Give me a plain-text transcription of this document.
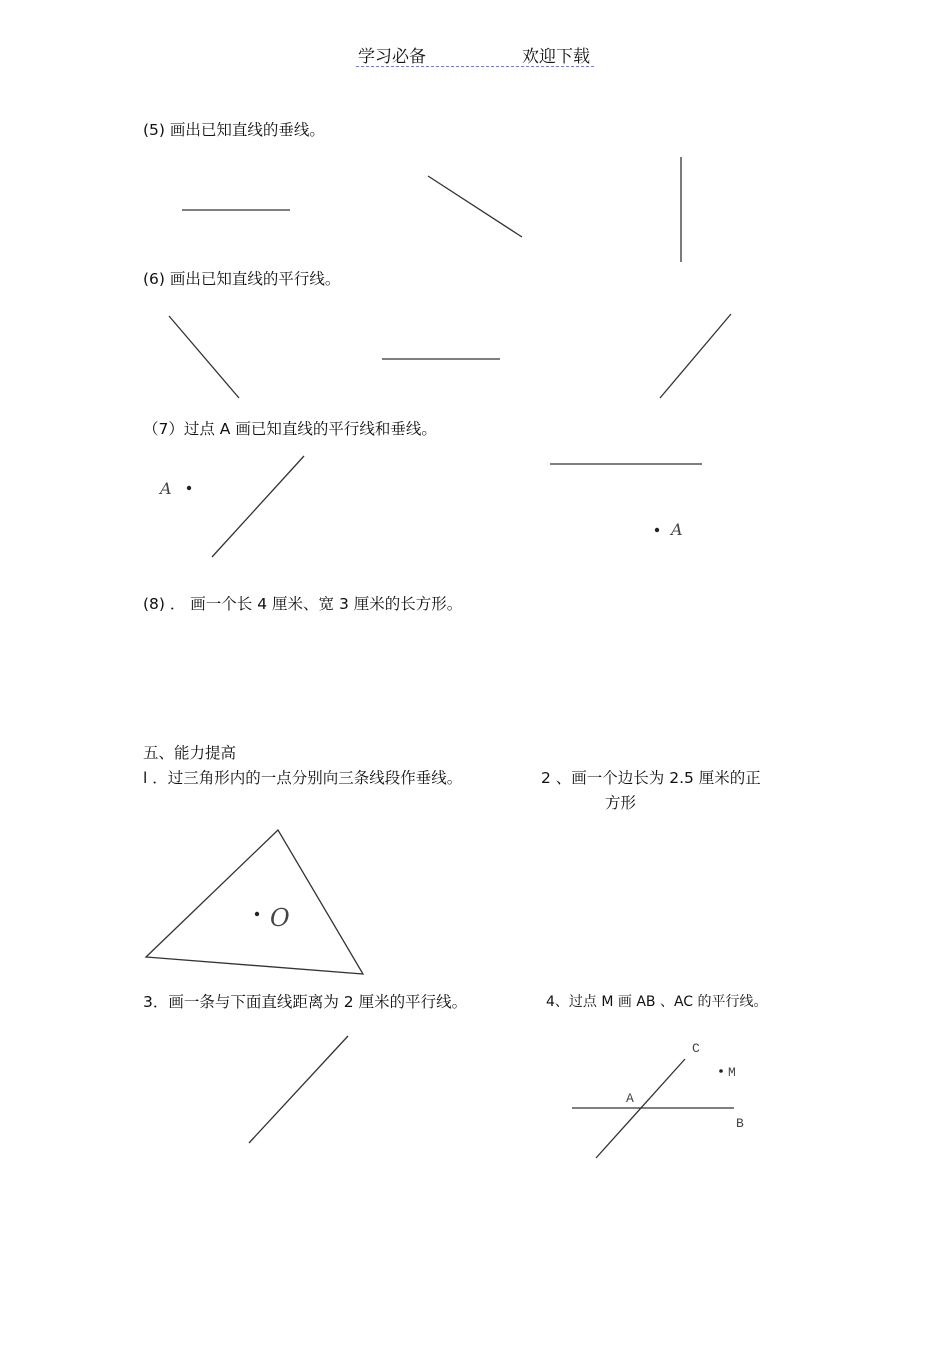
学习必备	欢迎下载
(5) 画出已知直线的垂线。
(6) 画出已知直线的平行线。
（7）过点 A 画已知直线的平行线和垂线。
(8) ． 画一个长 4 厘米、宽 3 厘米的长方形。
五、能力提高
l ．过三角形内的一点分别向三条线段作垂线。	2 、画一个边长为 2.5 厘米的正
方形
3．画一条与下面直线距离为 2 厘米的平行线。	4、过点 M 画 AB 、AC 的平行线。
A
A
O
C
M
A
B
